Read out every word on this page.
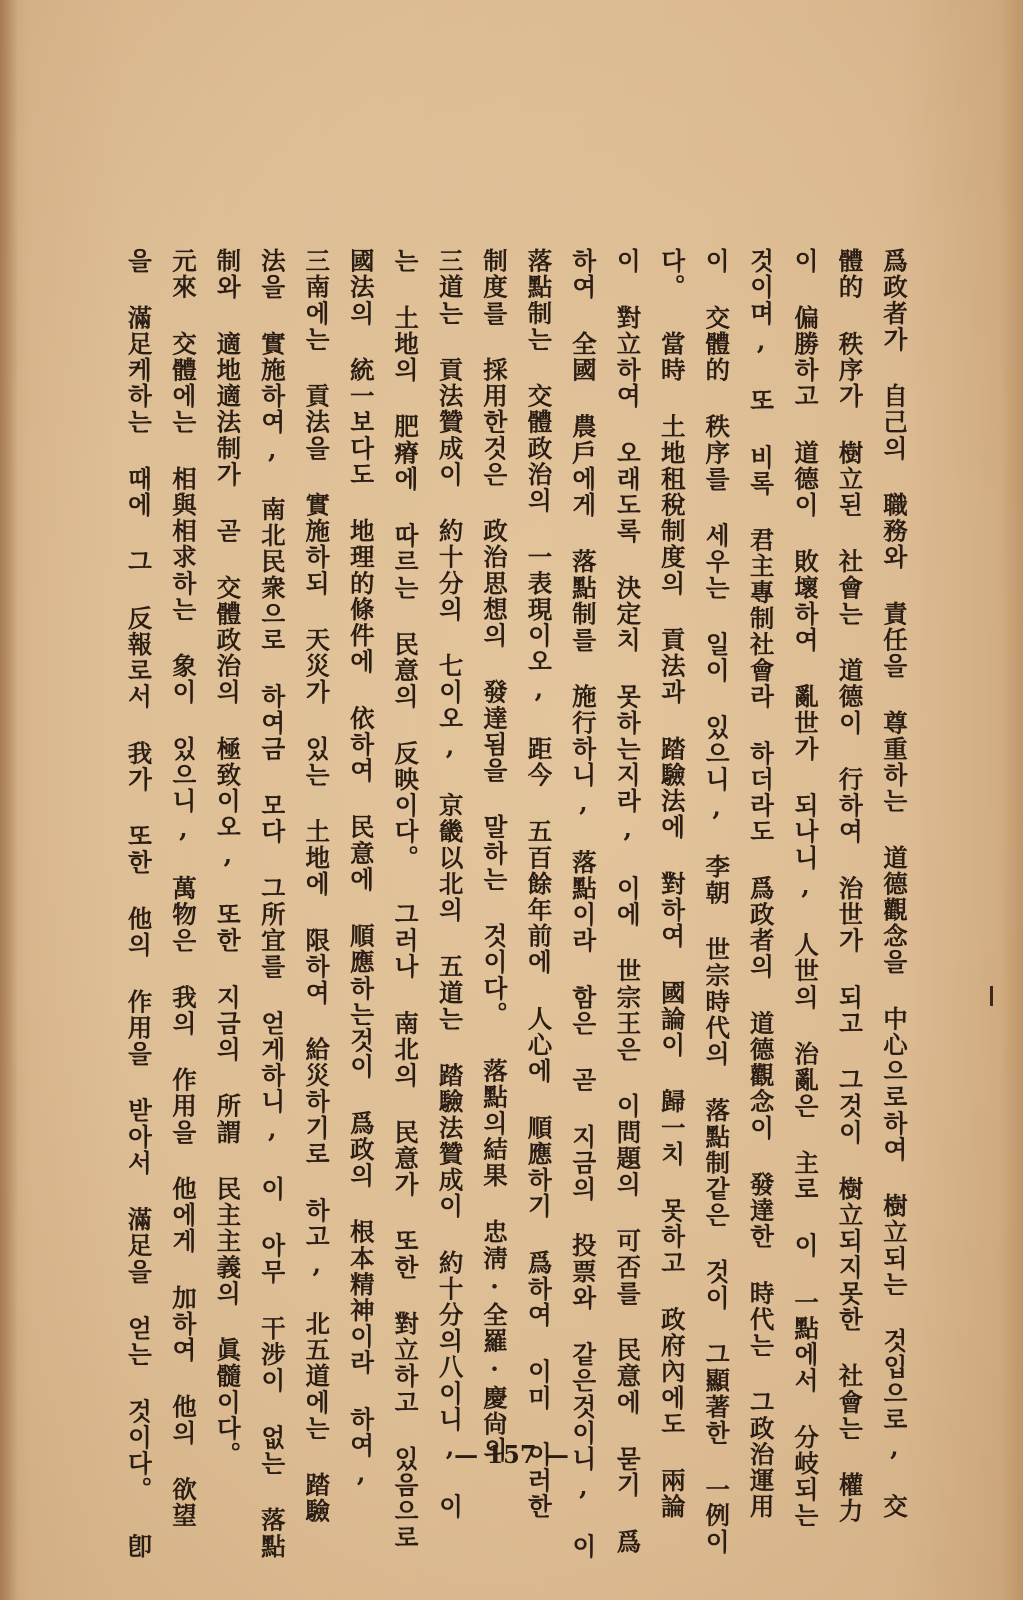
爲政者가 自己의 職務와 責任을 尊重하는 道德觀念을 中心으로하여 樹立되는 것입으로, 交
體的 秩序가 樹立된 社會는 道德이 行하여 治世가 되고 그것이 樹立되지못한 社會는 權力
이 偏勝하고 道德이 敗壞하여 亂世가 되나니, 人世의 治亂은 主로 이 一點에서 分岐되는
것이며, 또 비록 君主專制社會라 하더라도 爲政者의 道德觀念이 發達한 時代는 그政治運用
이 交體的 秩序를 세우는 일이 있으니, 李朝 世宗時代의 落點制같은 것이 그顯著한 一例이
다。 當時 土地租稅制度의 貢法과 踏驗法에 對하여 國論이 歸一치 못하고 政府內에도 兩論
이 對立하여 오래도록 決定치 못하는지라, 이에 世宗王은 이問題의 可否를 民意에 묻기 爲
하여 全國 農戶에게 落點制를 施行하니, 落點이라 함은 곧 지금의 投票와 같은것이니, 이
落點制는 交體政治의 一表現이오, 距今 五百餘年前에 人心에 順應하기 爲하여 이미 이러한
制度를 採用한것은 政治思想의 發達됨을 말하는 것이다。 落點의結果 忠淸·全羅·慶尙의
三道는 貢法贊成이 約十分의 七이오, 京畿以北의 五道는 踏驗法贊成이 約十分의八이니, 이
는 土地의 肥瘠에 따르는 民意의 反映이다。 그러나 南北의 民意가 또한 對立하고 있음으로
國法의 統一보다도 地理的條件에 依하여 民意에 順應하는것이 爲政의 根本精神이라 하여,
三南에는 貢法을 實施하되 天災가 있는 土地에 限하여 給災하기로 하고, 北五道에는 踏驗
法을 實施하여, 南北民衆으로 하여금 모다 그所宜를 얻게하니, 이 아무 干涉이 없는 落點
制와 適地適法制가 곧 交體政治의 極致이오, 또한 지금의 所謂 民主主義의 眞髓이다。
元來 交體에는 相與相求하는 象이 있으니, 萬物은 我의 作用을 他에게 加하여 他의 欲望
을 滿足케하는 때에 그 反報로서 我가 또한 他의 作用을 받아서 滿足을 얻는 것이다。 卽	— 157 —
